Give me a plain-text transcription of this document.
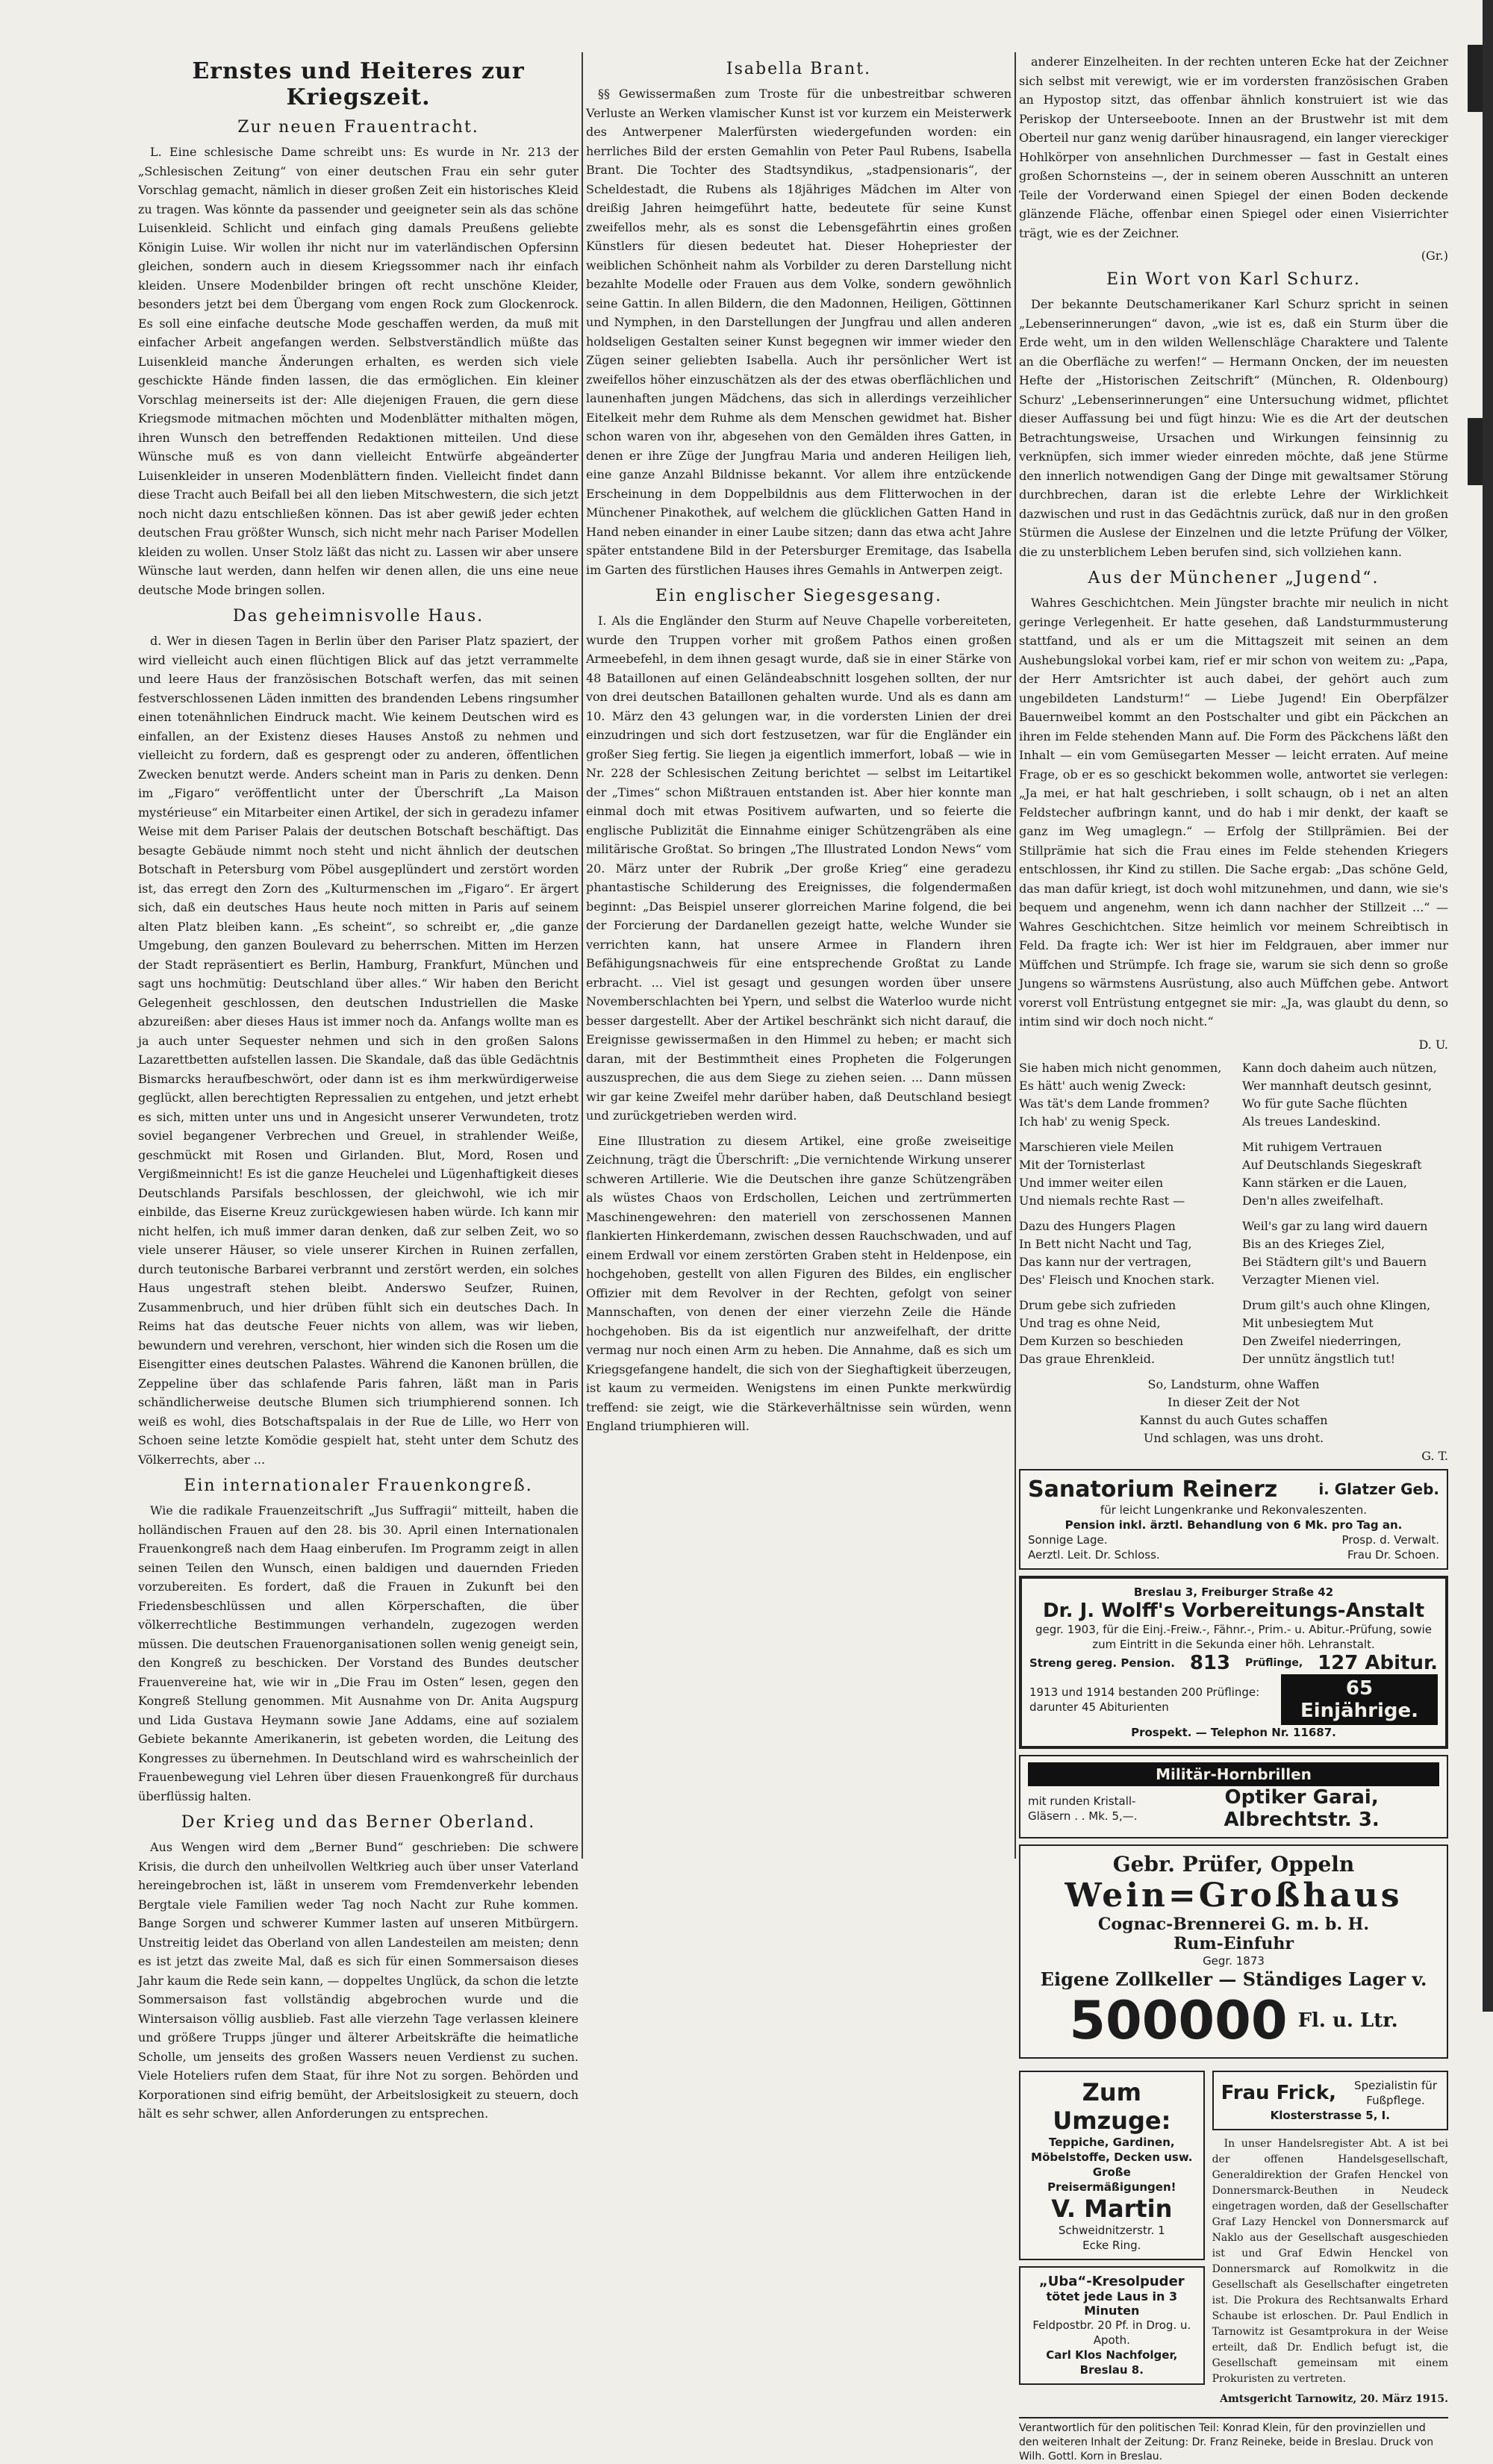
Ernstes und Heiteres zur Kriegszeit.
Zur neuen Frauentracht.

L. Eine schlesische Dame schreibt uns: Es wurde in Nr. 213 der „Schlesischen Zeitung“ von einer deutschen Frau ein sehr guter Vorschlag gemacht, nämlich in dieser großen Zeit ein historisches Kleid zu tragen. Was könnte da passender und geeigneter sein als das schöne Luisenkleid. Schlicht und einfach ging damals Preußens geliebte Königin Luise. Wir wollen ihr nicht nur im vaterländischen Opfersinn gleichen, sondern auch in diesem Kriegssommer nach ihr einfach kleiden. Unsere Modenbilder bringen oft recht unschöne Kleider, besonders jetzt bei dem Übergang vom engen Rock zum Glockenrock. Es soll eine einfache deutsche Mode geschaffen werden, da muß mit einfacher Arbeit angefangen werden. Selbstverständlich müßte das Luisenkleid manche Änderungen erhalten, es werden sich viele geschickte Hände finden lassen, die das ermöglichen. Ein kleiner Vorschlag meinerseits ist der: Alle diejenigen Frauen, die gern diese Kriegsmode mitmachen möchten und Modenblätter mithalten mögen, ihren Wunsch den betreffenden Redaktionen mitteilen. Und diese Wünsche muß es von dann vielleicht Entwürfe abgeänderter Luisenkleider in unseren Modenblättern finden. Vielleicht findet dann diese Tracht auch Beifall bei all den lieben Mitschwestern, die sich jetzt noch nicht dazu entschließen können. Das ist aber gewiß jeder echten deutschen Frau größter Wunsch, sich nicht mehr nach Pariser Modellen kleiden zu wollen. Unser Stolz läßt das nicht zu. Lassen wir aber unsere Wünsche laut werden, dann helfen wir denen allen, die uns eine neue deutsche Mode bringen sollen.

Das geheimnisvolle Haus.

d. Wer in diesen Tagen in Berlin über den Pariser Platz spaziert, der wird vielleicht auch einen flüchtigen Blick auf das jetzt verrammelte und leere Haus der französischen Botschaft werfen, das mit seinen festverschlossenen Läden inmitten des brandenden Lebens ringsumher einen totenähnlichen Eindruck macht. Wie keinem Deutschen wird es einfallen, an der Existenz dieses Hauses Anstoß zu nehmen und vielleicht zu fordern, daß es gesprengt oder zu anderen, öffentlichen Zwecken benutzt werde. Anders scheint man in Paris zu denken. Denn im „Figaro“ veröffentlicht unter der Überschrift „La Maison mystérieuse“ ein Mitarbeiter einen Artikel, der sich in geradezu infamer Weise mit dem Pariser Palais der deutschen Botschaft beschäftigt. Das besagte Gebäude nimmt noch steht und nicht ähnlich der deutschen Botschaft in Petersburg vom Pöbel ausgeplündert und zerstört worden ist, das erregt den Zorn des „Kulturmenschen im „Figaro“. Er ärgert sich, daß ein deutsches Haus heute noch mitten in Paris auf seinem alten Platz bleiben kann. „Es scheint“, so schreibt er, „die ganze Umgebung, den ganzen Boulevard zu beherrschen. Mitten im Herzen der Stadt repräsentiert es Berlin, Hamburg, Frankfurt, München und sagt uns hochmütig: Deutschland über alles.“ Wir haben den Bericht Gelegenheit geschlossen, den deutschen Industriellen die Maske abzureißen: aber dieses Haus ist immer noch da. Anfangs wollte man es ja auch unter Sequester nehmen und sich in den großen Salons Lazarettbetten aufstellen lassen. Die Skandale, daß das üble Gedächtnis Bismarcks heraufbeschwört, oder dann ist es ihm merkwürdigerweise geglückt, allen berechtigten Repressalien zu entgehen, und jetzt erhebt es sich, mitten unter uns und in Angesicht unserer Verwundeten, trotz soviel begangener Verbrechen und Greuel, in strahlender Weiße, geschmückt mit Rosen und Girlanden. Blut, Mord, Rosen und Vergißmeinnicht! Es ist die ganze Heuchelei und Lügenhaftigkeit dieses Deutschlands Parsifals beschlossen, der gleichwohl, wie ich mir einbilde, das Eiserne Kreuz zurückgewiesen haben würde. Ich kann mir nicht helfen, ich muß immer daran denken, daß zur selben Zeit, wo so viele unserer Häuser, so viele unserer Kirchen in Ruinen zerfallen, durch teutonische Barbarei verbrannt und zerstört werden, ein solches Haus ungestraft stehen bleibt. Anderswo Seufzer, Ruinen, Zusammenbruch, und hier drüben fühlt sich ein deutsches Dach. In Reims hat das deutsche Feuer nichts von allem, was wir lieben, bewundern und verehren, verschont, hier winden sich die Rosen um die Eisengitter eines deutschen Palastes. Während die Kanonen brüllen, die Zeppeline über das schlafende Paris fahren, läßt man in Paris schändlicherweise deutsche Blumen sich triumphierend sonnen. Ich weiß es wohl, dies Botschaftspalais in der Rue de Lille, wo Herr von Schoen seine letzte Komödie gespielt hat, steht unter dem Schutz des Völkerrechts, aber ...

Ein internationaler Frauenkongreß.

Wie die radikale Frauenzeitschrift „Jus Suffragii“ mitteilt, haben die holländischen Frauen auf den 28. bis 30. April einen Internationalen Frauenkongreß nach dem Haag einberufen. Im Programm zeigt in allen seinen Teilen den Wunsch, einen baldigen und dauernden Frieden vorzubereiten. Es fordert, daß die Frauen in Zukunft bei den Friedensbeschlüssen und allen Körperschaften, die über völkerrechtliche Bestimmungen verhandeln, zugezogen werden müssen. Die deutschen Frauenorganisationen sollen wenig geneigt sein, den Kongreß zu beschicken. Der Vorstand des Bundes deutscher Frauenvereine hat, wie wir in „Die Frau im Osten“ lesen, gegen den Kongreß Stellung genommen. Mit Ausnahme von Dr. Anita Augspurg und Lida Gustava Heymann sowie Jane Addams, eine auf sozialem Gebiete bekannte Amerikanerin, ist gebeten worden, die Leitung des Kongresses zu übernehmen. In Deutschland wird es wahrscheinlich der Frauenbewegung viel Lehren über diesen Frauenkongreß für durchaus überflüssig halten.

Der Krieg und das Berner Oberland.

Aus Wengen wird dem „Berner Bund“ geschrieben: Die schwere Krisis, die durch den unheilvollen Weltkrieg auch über unser Vaterland hereingebrochen ist, läßt in unserem vom Fremdenverkehr lebenden Bergtale viele Familien weder Tag noch Nacht zur Ruhe kommen. Bange Sorgen und schwerer Kummer lasten auf unseren Mitbürgern. Unstreitig leidet das Oberland von allen Landesteilen am meisten; denn es ist jetzt das zweite Mal, daß es sich für einen Sommersaison dieses Jahr kaum die Rede sein kann, — doppeltes Unglück, da schon die letzte Sommersaison fast vollständig abgebrochen wurde und die Wintersaison völlig ausblieb. Fast alle vierzehn Tage verlassen kleinere und größere Trupps jünger und älterer Arbeitskräfte die heimatliche Scholle, um jenseits des großen Wassers neuen Verdienst zu suchen. Viele Hoteliers rufen dem Staat, für ihre Not zu sorgen. Behörden und Korporationen sind eifrig bemüht, der Arbeitslosigkeit zu steuern, doch hält es sehr schwer, allen Anforderungen zu entsprechen.

Isabella Brant.

§§ Gewissermaßen zum Troste für die unbestreitbar schweren Verluste an Werken vlamischer Kunst ist vor kurzem ein Meisterwerk des Antwerpener Malerfürsten wiedergefunden worden: ein herrliches Bild der ersten Gemahlin von Peter Paul Rubens, Isabella Brant. Die Tochter des Stadtsyndikus, „stadpensionaris“, der Scheldestadt, die Rubens als 18jähriges Mädchen im Alter von dreißig Jahren heimgeführt hatte, bedeutete für seine Kunst zweifellos mehr, als es sonst die Lebensgefährtin eines großen Künstlers für diesen bedeutet hat. Dieser Hohepriester der weiblichen Schönheit nahm als Vorbilder zu deren Darstellung nicht bezahlte Modelle oder Frauen aus dem Volke, sondern gewöhnlich seine Gattin. In allen Bildern, die den Madonnen, Heiligen, Göttinnen und Nymphen, in den Darstellungen der Jungfrau und allen anderen holdseligen Gestalten seiner Kunst begegnen wir immer wieder den Zügen seiner geliebten Isabella. Auch ihr persönlicher Wert ist zweifellos höher einzuschätzen als der des etwas oberflächlichen und launenhaften jungen Mädchens, das sich in allerdings verzeihlicher Eitelkeit mehr dem Ruhme als dem Menschen gewidmet hat. Bisher schon waren von ihr, abgesehen von den Gemälden ihres Gatten, in denen er ihre Züge der Jungfrau Maria und anderen Heiligen lieh, eine ganze Anzahl Bildnisse bekannt. Vor allem ihre entzückende Erscheinung in dem Doppelbildnis aus dem Flitterwochen in der Münchener Pinakothek, auf welchem die glücklichen Gatten Hand in Hand neben einander in einer Laube sitzen; dann das etwa acht Jahre später entstandene Bild in der Petersburger Eremitage, das Isabella im Garten des fürstlichen Hauses ihres Gemahls in Antwerpen zeigt.

Ein englischer Siegesgesang.

I. Als die Engländer den Sturm auf Neuve Chapelle vorbereiteten, wurde den Truppen vorher mit großem Pathos einen großen Armeebefehl, in dem ihnen gesagt wurde, daß sie in einer Stärke von 48 Bataillonen auf einen Geländeabschnitt losgehen sollten, der nur von drei deutschen Bataillonen gehalten wurde. Und als es dann am 10. März den 43 gelungen war, in die vordersten Linien der drei einzudringen und sich dort festzusetzen, war für die Engländer ein großer Sieg fertig. Sie liegen ja eigentlich immerfort, lobaß — wie in Nr. 228 der Schlesischen Zeitung berichtet — selbst im Leitartikel der „Times“ schon Mißtrauen entstanden ist. Aber hier konnte man einmal doch mit etwas Positivem aufwarten, und so feierte die englische Publizität die Einnahme einiger Schützengräben als eine militärische Großtat. So bringen „The Illustrated London News“ vom 20. März unter der Rubrik „Der große Krieg“ eine geradezu phantastische Schilderung des Ereignisses, die folgendermaßen beginnt: „Das Beispiel unserer glorreichen Marine folgend, die bei der Forcierung der Dardanellen gezeigt hatte, welche Wunder sie verrichten kann, hat unsere Armee in Flandern ihren Befähigungsnachweis für eine entsprechende Großtat zu Lande erbracht. ... Viel ist gesagt und gesungen worden über unsere Novemberschlachten bei Ypern, und selbst die Waterloo wurde nicht besser dargestellt. Aber der Artikel beschränkt sich nicht darauf, die Ereignisse gewissermaßen in den Himmel zu heben; er macht sich daran, mit der Bestimmtheit eines Propheten die Folgerungen auszusprechen, die aus dem Siege zu ziehen seien. ... Dann müssen wir gar keine Zweifel mehr darüber haben, daß Deutschland besiegt und zurückgetrieben werden wird.

Eine Illustration zu diesem Artikel, eine große zweiseitige Zeichnung, trägt die Überschrift: „Die vernichtende Wirkung unserer schweren Artillerie. Wie die Deutschen ihre ganze Schützengräben als wüstes Chaos von Erdschollen, Leichen und zertrümmerten Maschinengewehren: den materiell von zerschossenen Mannen flankierten Hinkerdemann, zwischen dessen Rauchschwaden, und auf einem Erdwall vor einem zerstörten Graben steht in Heldenpose, ein hochgehoben, gestellt von allen Figuren des Bildes, ein englischer Offizier mit dem Revolver in der Rechten, gefolgt von seiner Mannschaften, von denen der einer vierzehn Zeile die Hände hochgehoben. Bis da ist eigentlich nur anzweifelhaft, der dritte vermag nur noch einen Arm zu heben. Die Annahme, daß es sich um Kriegsgefangene handelt, die sich von der Sieghaftigkeit überzeugen, ist kaum zu vermeiden. Wenigstens im einen Punkte merkwürdig treffend: sie zeigt, wie die Stärkeverhältnisse sein würden, wenn England triumphieren will.

anderer Einzelheiten. In der rechten unteren Ecke hat der Zeichner sich selbst mit verewigt, wie er im vordersten französischen Graben an Hypostop sitzt, das offenbar ähnlich konstruiert ist wie das Periskop der Unterseeboote. Innen an der Brustwehr ist mit dem Oberteil nur ganz wenig darüber hinausragend, ein langer viereckiger Hohlkörper von ansehnlichen Durchmesser — fast in Gestalt eines großen Schornsteins —, der in seinem oberen Ausschnitt an unteren Teile der Vorderwand einen Spiegel der einen Boden deckende glänzende Fläche, offenbar einen Spiegel oder einen Visierrichter trägt, wie es der Zeichner.

(Gr.)
Ein Wort von Karl Schurz.

Der bekannte Deutschamerikaner Karl Schurz spricht in seinen „Lebenserinnerungen“ davon, „wie ist es, daß ein Sturm über die Erde weht, um in den wilden Wellenschläge Charaktere und Talente an die Oberfläche zu werfen!“ — Hermann Oncken, der im neuesten Hefte der „Historischen Zeitschrift“ (München, R. Oldenbourg) Schurz' „Lebenserinnerungen“ eine Untersuchung widmet, pflichtet dieser Auffassung bei und fügt hinzu: Wie es die Art der deutschen Betrachtungsweise, Ursachen und Wirkungen feinsinnig zu verknüpfen, sich immer wieder einreden möchte, daß jene Stürme den innerlich notwendigen Gang der Dinge mit gewaltsamer Störung durchbrechen, daran ist die erlebte Lehre der Wirklichkeit dazwischen und rust in das Gedächtnis zurück, daß nur in den großen Stürmen die Auslese der Einzelnen und die letzte Prüfung der Völker, die zu unsterblichem Leben berufen sind, sich vollziehen kann.

Aus der Münchener „Jugend“.

Wahres Geschichtchen. Mein Jüngster brachte mir neulich in nicht geringe Verlegenheit. Er hatte gesehen, daß Landsturmmusterung stattfand, und als er um die Mittagszeit mit seinen an dem Aushebungslokal vorbei kam, rief er mir schon von weitem zu: „Papa, der Herr Amtsrichter ist auch dabei, der gehört auch zum ungebildeten Landsturm!“ — Liebe Jugend! Ein Oberpfälzer Bauernweibel kommt an den Postschalter und gibt ein Päckchen an ihren im Felde stehenden Mann auf. Die Form des Päckchens läßt den Inhalt — ein vom Gemüsegarten Messer — leicht erraten. Auf meine Frage, ob er es so geschickt bekommen wolle, antwortet sie verlegen: „Ja mei, er hat halt geschrieben, i sollt schaugn, ob i net an alten Feldstecher aufbringn kannt, und do hab i mir denkt, der kaaft se ganz im Weg umaglegn.“ — Erfolg der Stillprämien. Bei der Stillprämie hat sich die Frau eines im Felde stehenden Kriegers entschlossen, ihr Kind zu stillen. Die Sache ergab: „Das schöne Geld, das man dafür kriegt, ist doch wohl mitzunehmen, und dann, wie sie's bequem und angenehm, wenn ich dann nachher der Stillzeit ...“ — Wahres Geschichtchen. Sitze heimlich vor meinem Schreibtisch in Feld. Da fragte ich: Wer ist hier im Feldgrauen, aber immer nur Müffchen und Strümpfe. Ich frage sie, warum sie sich denn so große Jungens so wärmstens Ausrüstung, also auch Müffchen gebe. Antwort vorerst voll Entrüstung entgegnet sie mir: „Ja, was glaubt du denn, so intim sind wir doch noch nicht.“

D. U.
Sie haben mich nicht genommen,
Es hätt' auch wenig Zweck:
Was tät's dem Lande frommen?
Ich hab' zu wenig Speck.
Kann doch daheim auch nützen,
Wer mannhaft deutsch gesinnt,
Wo für gute Sache flüchten
Als treues Landeskind.
Marschieren viele Meilen
Mit der Tornisterlast
Und immer weiter eilen
Und niemals rechte Rast —
Mit ruhigem Vertrauen
Auf Deutschlands Siegeskraft
Kann stärken er die Lauen,
Den'n alles zweifelhaft.
Dazu des Hungers Plagen
In Bett nicht Nacht und Tag,
Das kann nur der vertragen,
Des' Fleisch und Knochen stark.
Weil's gar zu lang wird dauern
Bis an des Krieges Ziel,
Bei Städtern gilt's und Bauern
Verzagter Mienen viel.
Drum gebe sich zufrieden
Und trag es ohne Neid,
Dem Kurzen so beschieden
Das graue Ehrenkleid.
Drum gilt's auch ohne Klingen,
Mit unbesiegtem Mut
Den Zweifel niederringen,
Der unnütz ängstlich tut!
So, Landsturm, ohne Waffen
In dieser Zeit der Not
Kannst du auch Gutes schaffen
Und schlagen, was uns droht.
G. T.
Sanatorium Reinerz	i. Glatzer Geb.
für leicht Lungenkranke und Rekonvaleszenten.
Pension inkl. ärztl. Behandlung von 6 Mk. pro Tag an.
Sonnige Lage.	Prosp. d. Verwalt.
Aerztl. Leit. Dr. Schloss.	Frau Dr. Schoen.
Breslau 3, Freiburger Straße 42
Dr. J. Wolff's Vorbereitungs-Anstalt
gegr. 1903, für die Einj.-Freiw.-, Fähnr.-, Prim.- u. Abitur.-Prüfung, sowie zum Eintritt in die Sekunda einer höh. Lehranstalt.
Streng gereg. Pension. 813 Prüflinge, 127 Abitur.
1913 und 1914 bestanden 200 Prüflinge: darunter 45 Abiturienten
65 Einjährige.
Prospekt. — Telephon Nr. 11687.
Militär-Hornbrillen
mit runden Kristall-Gläsern . . Mk. 5,—.
Optiker Garai, Albrechtstr. 3.
Gebr. Prüfer, Oppeln
Wein=Großhaus
Cognac-Brennerei G. m. b. H.
Rum-Einfuhr
Gegr. 1873
Eigene Zollkeller — Ständiges Lager v.
500000 Fl. u. Ltr.
Zum
Umzuge:
Teppiche, Gardinen, Möbelstoffe, Decken usw.
Große Preisermäßigungen!
V. Martin
Schweidnitzerstr. 1
Ecke Ring.
„Uba“-Kresolpuder
tötet jede Laus in 3 Minuten
Feldpostbr. 20 Pf. in Drog. u. Apoth.
Carl Klos Nachfolger, Breslau 8.
Frau Frick, Spezialistin für Fußpflege.
Klosterstrasse 5, I.

In unser Handelsregister Abt. A ist bei der offenen Handelsgesellschaft, Generaldirektion der Grafen Henckel von Donnersmarck-Beuthen in Neudeck eingetragen worden, daß der Gesellschafter Graf Lazy Henckel von Donnersmarck auf Naklo aus der Gesellschaft ausgeschieden ist und Graf Edwin Henckel von Donnersmarck auf Romolkwitz in die Gesellschaft als Gesellschafter eingetreten ist. Die Prokura des Rechtsanwalts Erhard Schaube ist erloschen. Dr. Paul Endlich in Tarnowitz ist Gesamtprokura in der Weise erteilt, daß Dr. Endlich befugt ist, die Gesellschaft gemeinsam mit einem Prokuristen zu vertreten.

Amtsgericht Tarnowitz, 20. März 1915.
Verantwortlich für den politischen Teil: Konrad Klein, für den provinziellen und den weiteren Inhalt der Zeitung: Dr. Franz Reineke, beide in Breslau. Druck von Wilh. Gottl. Korn in Breslau.
